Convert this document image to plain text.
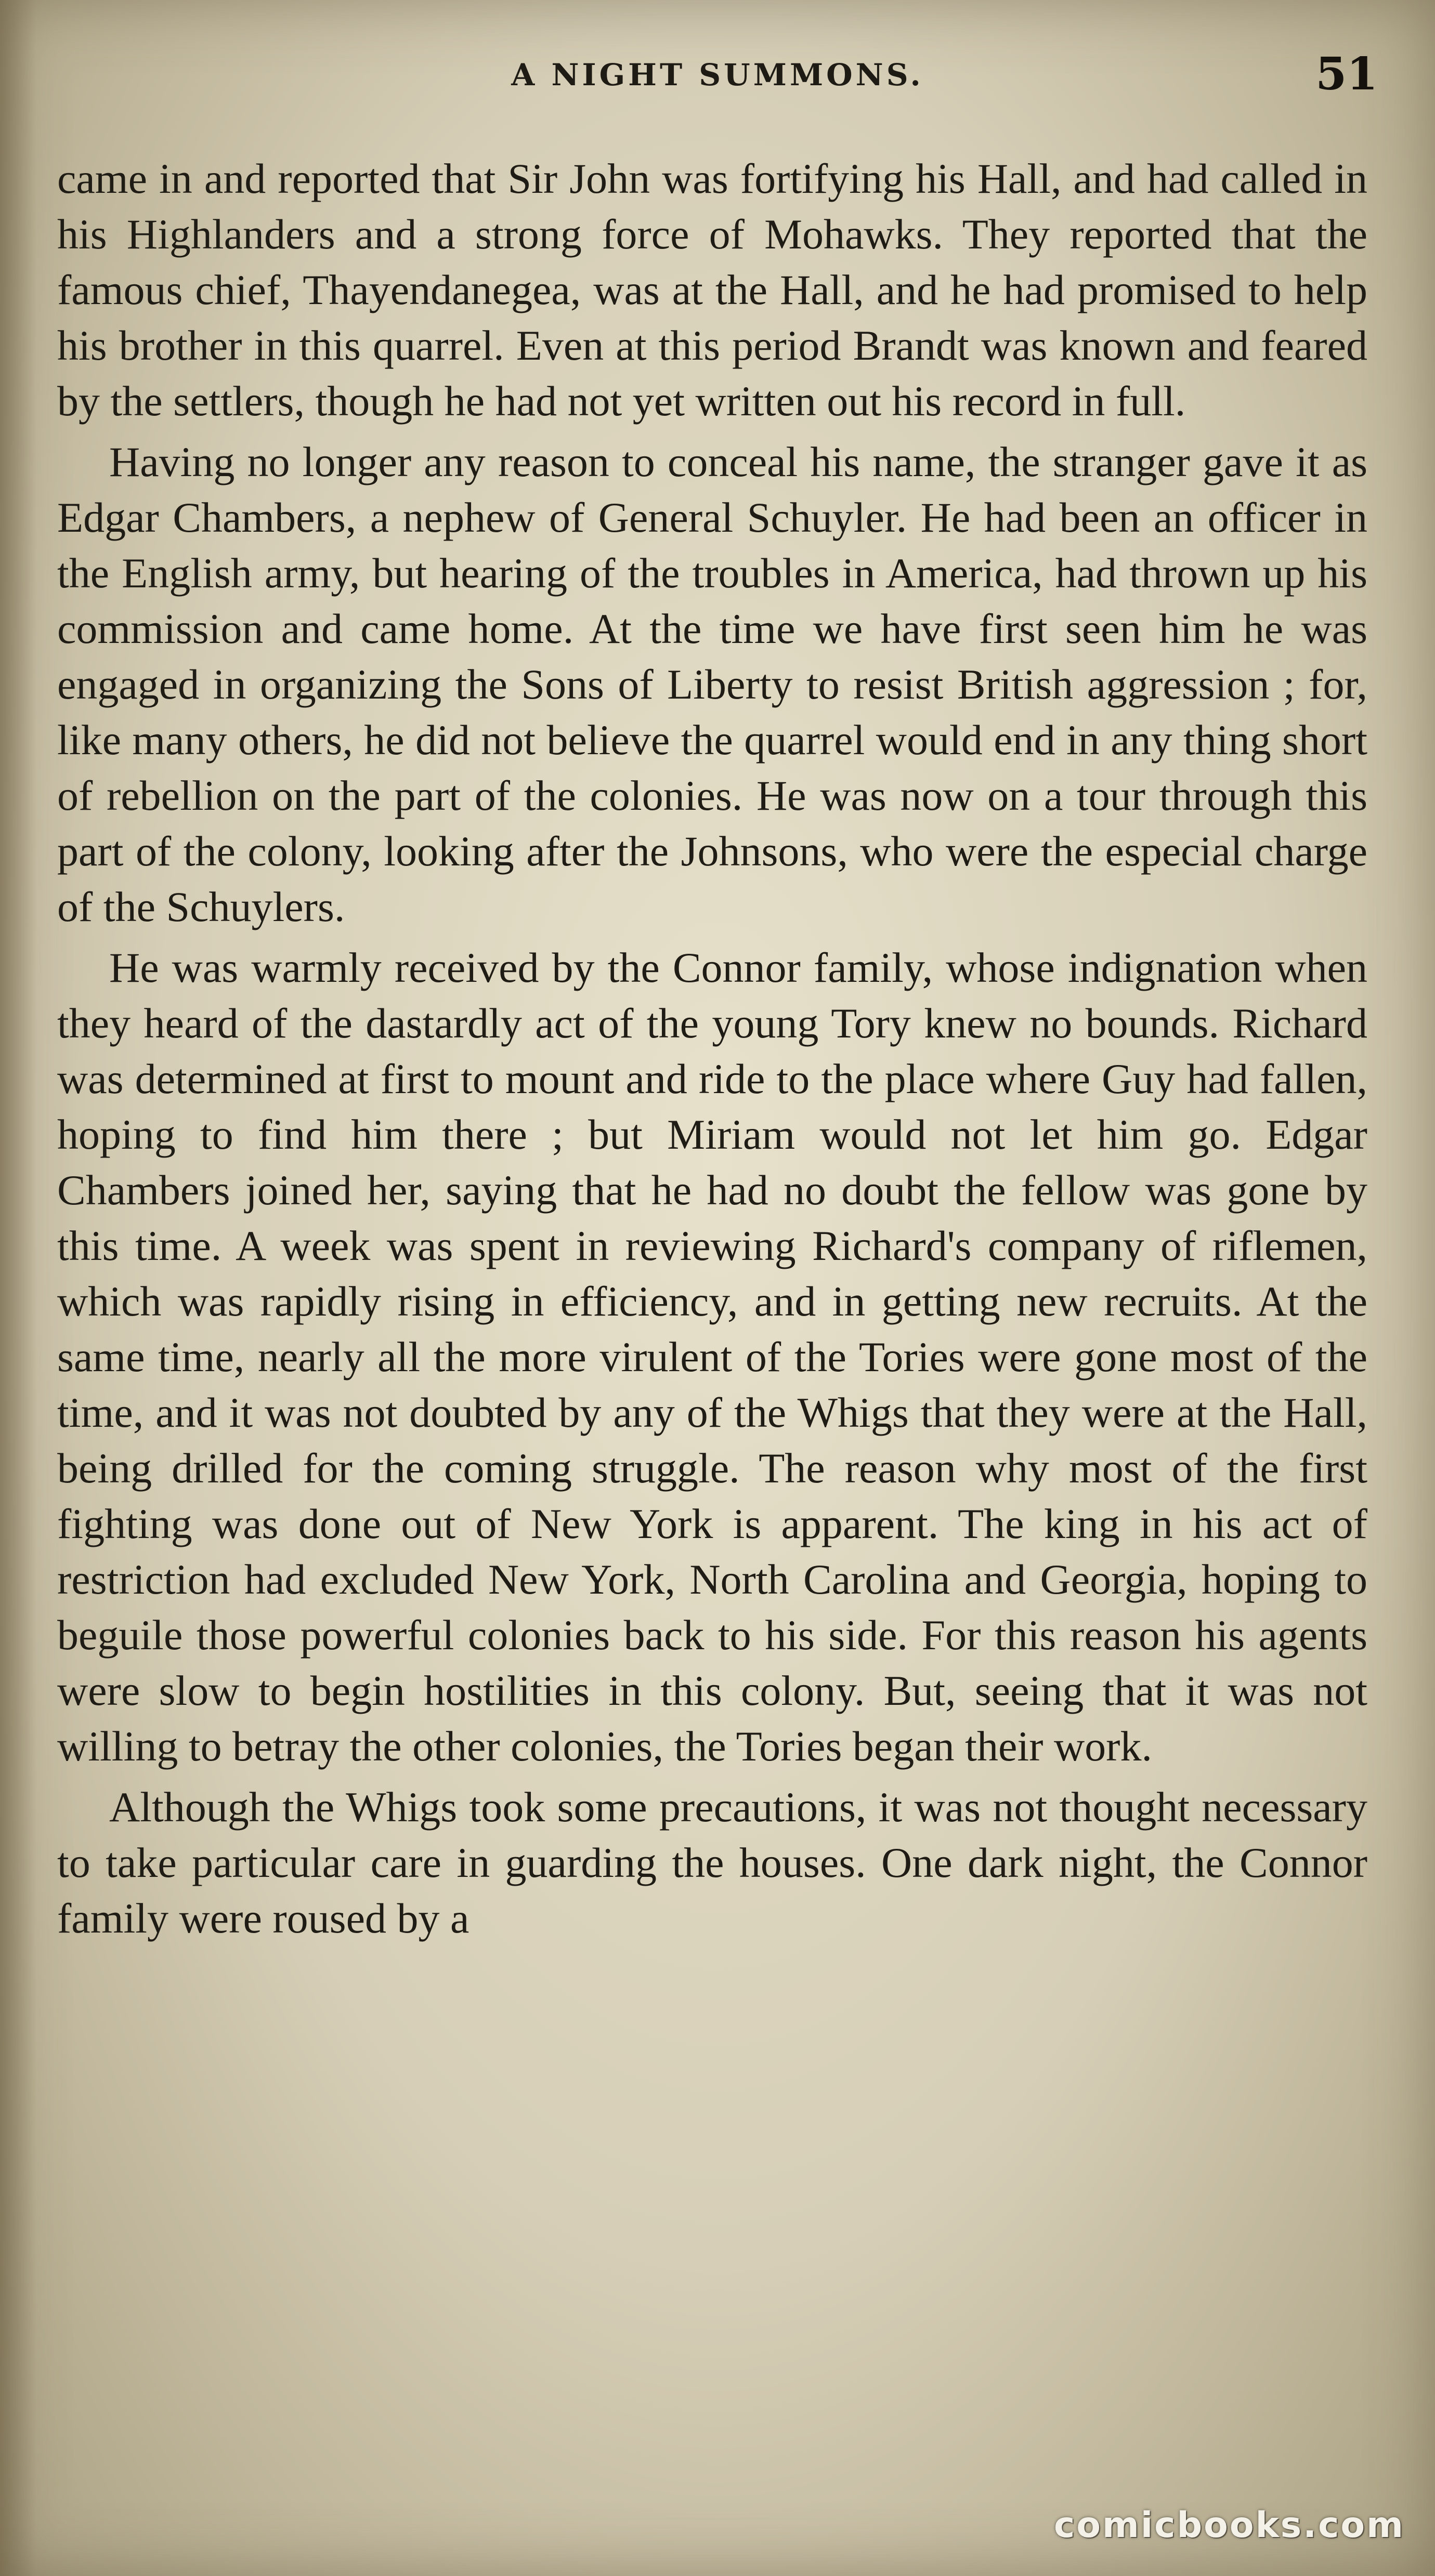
A NIGHT SUMMONS.	51

came in and reported that Sir John was fortifying his Hall, and had called in his Highlanders and a strong force of Mohawks. They reported that the famous chief, Thayendanegea, was at the Hall, and he had promised to help his brother in this quarrel. Even at this period Brandt was known and feared by the settlers, though he had not yet written out his record in full.

Having no longer any reason to conceal his name, the stranger gave it as Edgar Chambers, a nephew of General Schuyler. He had been an officer in the English army, but hearing of the troubles in America, had thrown up his commission and came home. At the time we have first seen him he was engaged in organizing the Sons of Liberty to resist British aggression ; for, like many others, he did not believe the quarrel would end in any thing short of rebellion on the part of the colonies. He was now on a tour through this part of the colony, looking after the Johnsons, who were the especial charge of the Schuylers.

He was warmly received by the Connor family, whose indignation when they heard of the dastardly act of the young Tory knew no bounds. Richard was determined at first to mount and ride to the place where Guy had fallen, hoping to find him there ; but Miriam would not let him go. Edgar Chambers joined her, saying that he had no doubt the fellow was gone by this time. A week was spent in reviewing Richard's company of riflemen, which was rapidly rising in efficiency, and in getting new recruits. At the same time, nearly all the more virulent of the Tories were gone most of the time, and it was not doubted by any of the Whigs that they were at the Hall, being drilled for the coming struggle. The reason why most of the first fighting was done out of New York is apparent. The king in his act of restriction had excluded New York, North Carolina and Georgia, hoping to beguile those powerful colonies back to his side. For this reason his agents were slow to begin hostilities in this colony. But, seeing that it was not willing to betray the other colonies, the Tories began their work.

Although the Whigs took some precautions, it was not thought necessary to take particular care in guarding the houses. One dark night, the Connor family were roused by a

comicbooks.com
